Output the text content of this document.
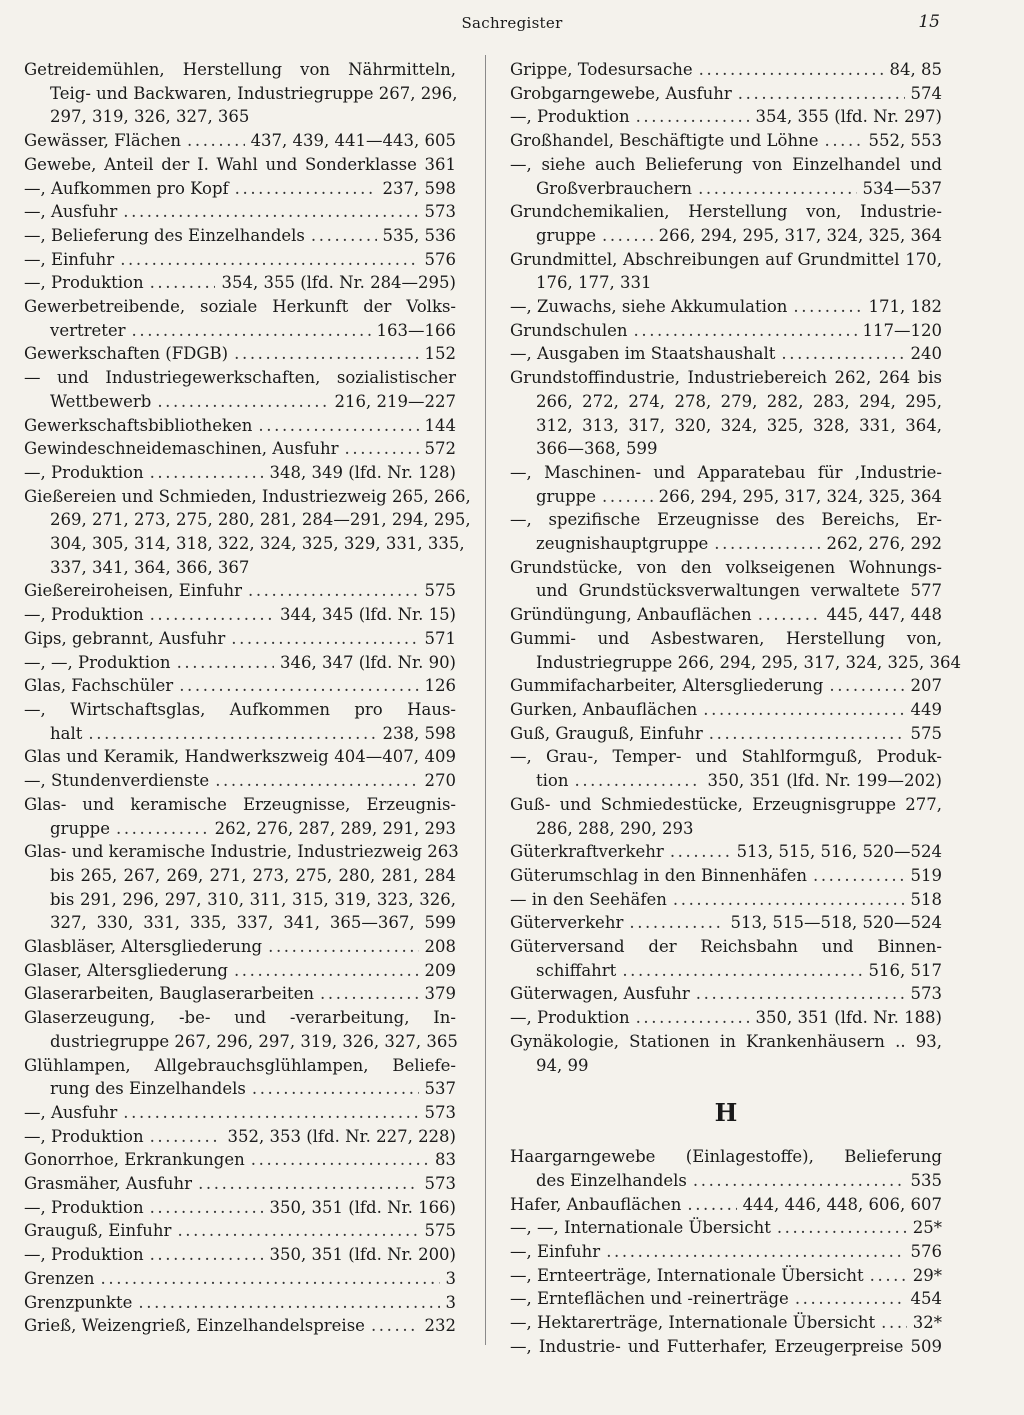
Sachregister	15
Getreidemühlen, Herstellung von Nährmitteln,
Teig- und Backwaren, Industriegruppe 267, 296,
297, 319, 326, 327, 365
Gewässer, Flächen .....	437, 439, 441—443, 605
Gewebe, Anteil der I. Wahl und Sonderklasse 361
—, Aufkommen pro Kopf .....	237, 598
—, Ausfuhr .....	573
—, Belieferung des Einzelhandels .....	535, 536
—, Einfuhr .....	576
—, Produktion .....	354, 355 (lfd. Nr. 284—295)
Gewerbetreibende, soziale Herkunft der Volks-
vertreter .....	163—166
Gewerkschaften (FDGB) .....	152
— und Industriegewerkschaften, sozialistischer
Wettbewerb .....	216, 219—227
Gewerkschaftsbibliotheken .....	144
Gewindeschneidemaschinen, Ausfuhr .....	572
—, Produktion .....	348, 349 (lfd. Nr. 128)
Gießereien und Schmieden, Industriezweig 265, 266,
269, 271, 273, 275, 280, 281, 284—291, 294, 295,
304, 305, 314, 318, 322, 324, 325, 329, 331, 335,
337, 341, 364, 366, 367
Gießereiroheisen, Einfuhr .....	575
—, Produktion .....	344, 345 (lfd. Nr. 15)
Gips, gebrannt, Ausfuhr .....	571
—, —, Produktion .....	346, 347 (lfd. Nr. 90)
Glas, Fachschüler .....	126
—, Wirtschaftsglas, Aufkommen pro Haus-
halt .....	238, 598
Glas und Keramik, Handwerkszweig 404—407, 409
—, Stundenverdienste .....	270
Glas- und keramische Erzeugnisse, Erzeugnis-
gruppe .....	262, 276, 287, 289, 291, 293
Glas- und keramische Industrie, Industriezweig 263
bis 265, 267, 269, 271, 273, 275, 280, 281, 284
bis 291, 296, 297, 310, 311, 315, 319, 323, 326,
327, 330, 331, 335, 337, 341, 365—367, 599
Glasbläser, Altersgliederung .....	208
Glaser, Altersgliederung .....	209
Glaserarbeiten, Bauglaserarbeiten .....	379
Glaserzeugung, -be- und -verarbeitung, In-
dustriegruppe 267, 296, 297, 319, 326, 327, 365
Glühlampen, Allgebrauchsglühlampen, Beliefe-
rung des Einzelhandels .....	537
—, Ausfuhr .....	573
—, Produktion .....	352, 353 (lfd. Nr. 227, 228)
Gonorrhoe, Erkrankungen .....	83
Grasmäher, Ausfuhr .....	573
—, Produktion .....	350, 351 (lfd. Nr. 166)
Grauguß, Einfuhr .....	575
—, Produktion .....	350, 351 (lfd. Nr. 200)
Grenzen .....	3
Grenzpunkte .....	3
Grieß, Weizengrieß, Einzelhandelspreise .....	232
Grippe, Todesursache .....	84, 85
Grobgarngewebe, Ausfuhr .....	574
—, Produktion .....	354, 355 (lfd. Nr. 297)
Großhandel, Beschäftigte und Löhne .....	552, 553
—, siehe auch Belieferung von Einzelhandel und
Großverbrauchern .....	534—537
Grundchemikalien, Herstellung von, Industrie-
gruppe .....	266, 294, 295, 317, 324, 325, 364
Grundmittel, Abschreibungen auf Grundmittel 170,
176, 177, 331
—, Zuwachs, siehe Akkumulation .....	171, 182
Grundschulen .....	117—120
—, Ausgaben im Staatshaushalt .....	240
Grundstoffindustrie, Industriebereich 262, 264 bis
266, 272, 274, 278, 279, 282, 283, 294, 295,
312, 313, 317, 320, 324, 325, 328, 331, 364,
366—368, 599
—, Maschinen- und Apparatebau für ,Industrie-
gruppe .....	266, 294, 295, 317, 324, 325, 364
—, spezifische Erzeugnisse des Bereichs, Er-
zeugnishauptgruppe .....	262, 276, 292
Grundstücke, von den volkseigenen Wohnungs-
und Grundstücksverwaltungen verwaltete 577
Gründüngung, Anbauflächen .....	445, 447, 448
Gummi- und Asbestwaren, Herstellung von,
Industriegruppe 266, 294, 295, 317, 324, 325, 364
Gummifacharbeiter, Altersgliederung .....	207
Gurken, Anbauflächen .....	449
Guß, Grauguß, Einfuhr .....	575
—, Grau-, Temper- und Stahlformguß, Produk-
tion .....	350, 351 (lfd. Nr. 199—202)
Guß- und Schmiedestücke, Erzeugnisgruppe 277,
286, 288, 290, 293
Güterkraftverkehr .....	513, 515, 516, 520—524
Güterumschlag in den Binnenhäfen .....	519
— in den Seehäfen .....	518
Güterverkehr .....	513, 515—518, 520—524
Güterversand der Reichsbahn und Binnen-
schiffahrt .....	516, 517
Güterwagen, Ausfuhr .....	573
—, Produktion .....	350, 351 (lfd. Nr. 188)
Gynäkologie, Stationen in Krankenhäusern .. 93,
94, 99
H
Haargarngewebe (Einlagestoffe), Belieferung
des Einzelhandels .....	535
Hafer, Anbauflächen .....	444, 446, 448, 606, 607
—, —, Internationale Übersicht .....	25*
—, Einfuhr .....	576
—, Ernteerträge, Internationale Übersicht .....	29*
—, Ernteflächen und -reinerträge .....	454
—, Hektarerträge, Internationale Übersicht ..... 32*
—, Industrie- und Futterhafer, Erzeugerpreise 509
